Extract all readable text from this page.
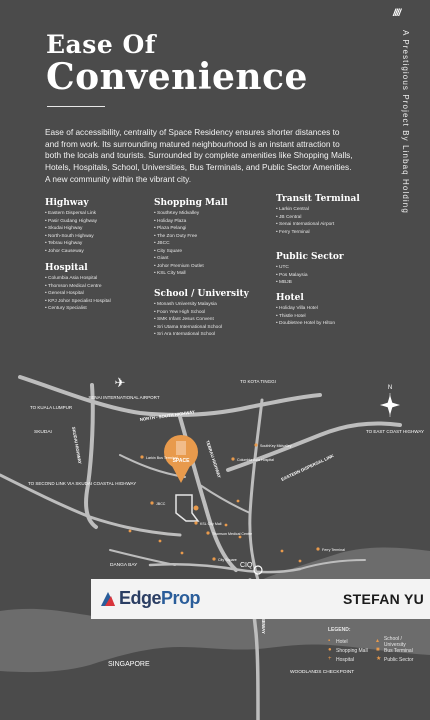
Ease Of
Convenience
////
A Prestigious Project By Linbaq Holding

Ease of accessibility, centrality of Space Residency ensures shorter distances to and from work. Its surrounding matured neighbourhood is an instant attraction to both the locals and tourists. Surrounded by complete amenities like Shopping Malls, Hotels, Hospitals, School, Universities, Bus Terminals, and Public Sector Amenities. A new community within the vibrant city.

Highway
• Eastern Dispersal Link
• Pasir Gudang Highway
• Skudai Highway
• North-South Highway
• Tebrau Highway
• Johor Causeway
Hospital
• Columbia Asia Hospital
• Thomson Medical Centre
• General Hospital
• KPJ Johor Specialist Hospital
• Century Specialist
Shopping Mall
• SouthKey Midvalley
• Holiday Plaza
• Plaza Pelangi
• The Zon Duty Free
• JBCC
• City Square
• Giant
• Johor Premium Outlet
• KSL City Mall
School / University
• Monash University Malaysia
• Foon Yew High School
• SMK Infant Jesus Convent
• Sri Utama International School
• Sri Ara International School
Transit Terminal
• Larkin Central
• JB Central
• Senai International Airport
• Ferry Terminal
Public Sector
• UTC
• Pos Malaysia
• MBJB
Hotel
• Holiday Villa Hotel
• Thistle Hotel
• Doubletree Hotel by Hilton
SPACE
✈
SENAI INTERNATIONAL AIRPORT
N
TO KOTA TINGGI
TO KUALA LUMPUR
NORTH - SOUTH HIGHWAY
SKUDAI HIGHWAY
SKUDAI
TEBRAU HIGHWAY	EASTERN DISPERSAL LINK
TO EAST COAST HIGHWAY
TO SECOND LINK VIA SKUDAI COASTAL HIGHWAY
DANGA BAY	CIQ
SINGAPORE
WOODLANDS CHECKPOINT
Larkin Bus Terminal	Columbia Asia Hospital
SouthKey Midvalley
KSL City Mall
JBCC
Thomson Medical Centre
City Square
Ferry Terminal
EdgeProp	STEFAN YU
LEGEND:
▪	Hotel	▴ School / University
● Shopping Mall ■ Bus Terminal
+ Hospital	★ Public Sector
